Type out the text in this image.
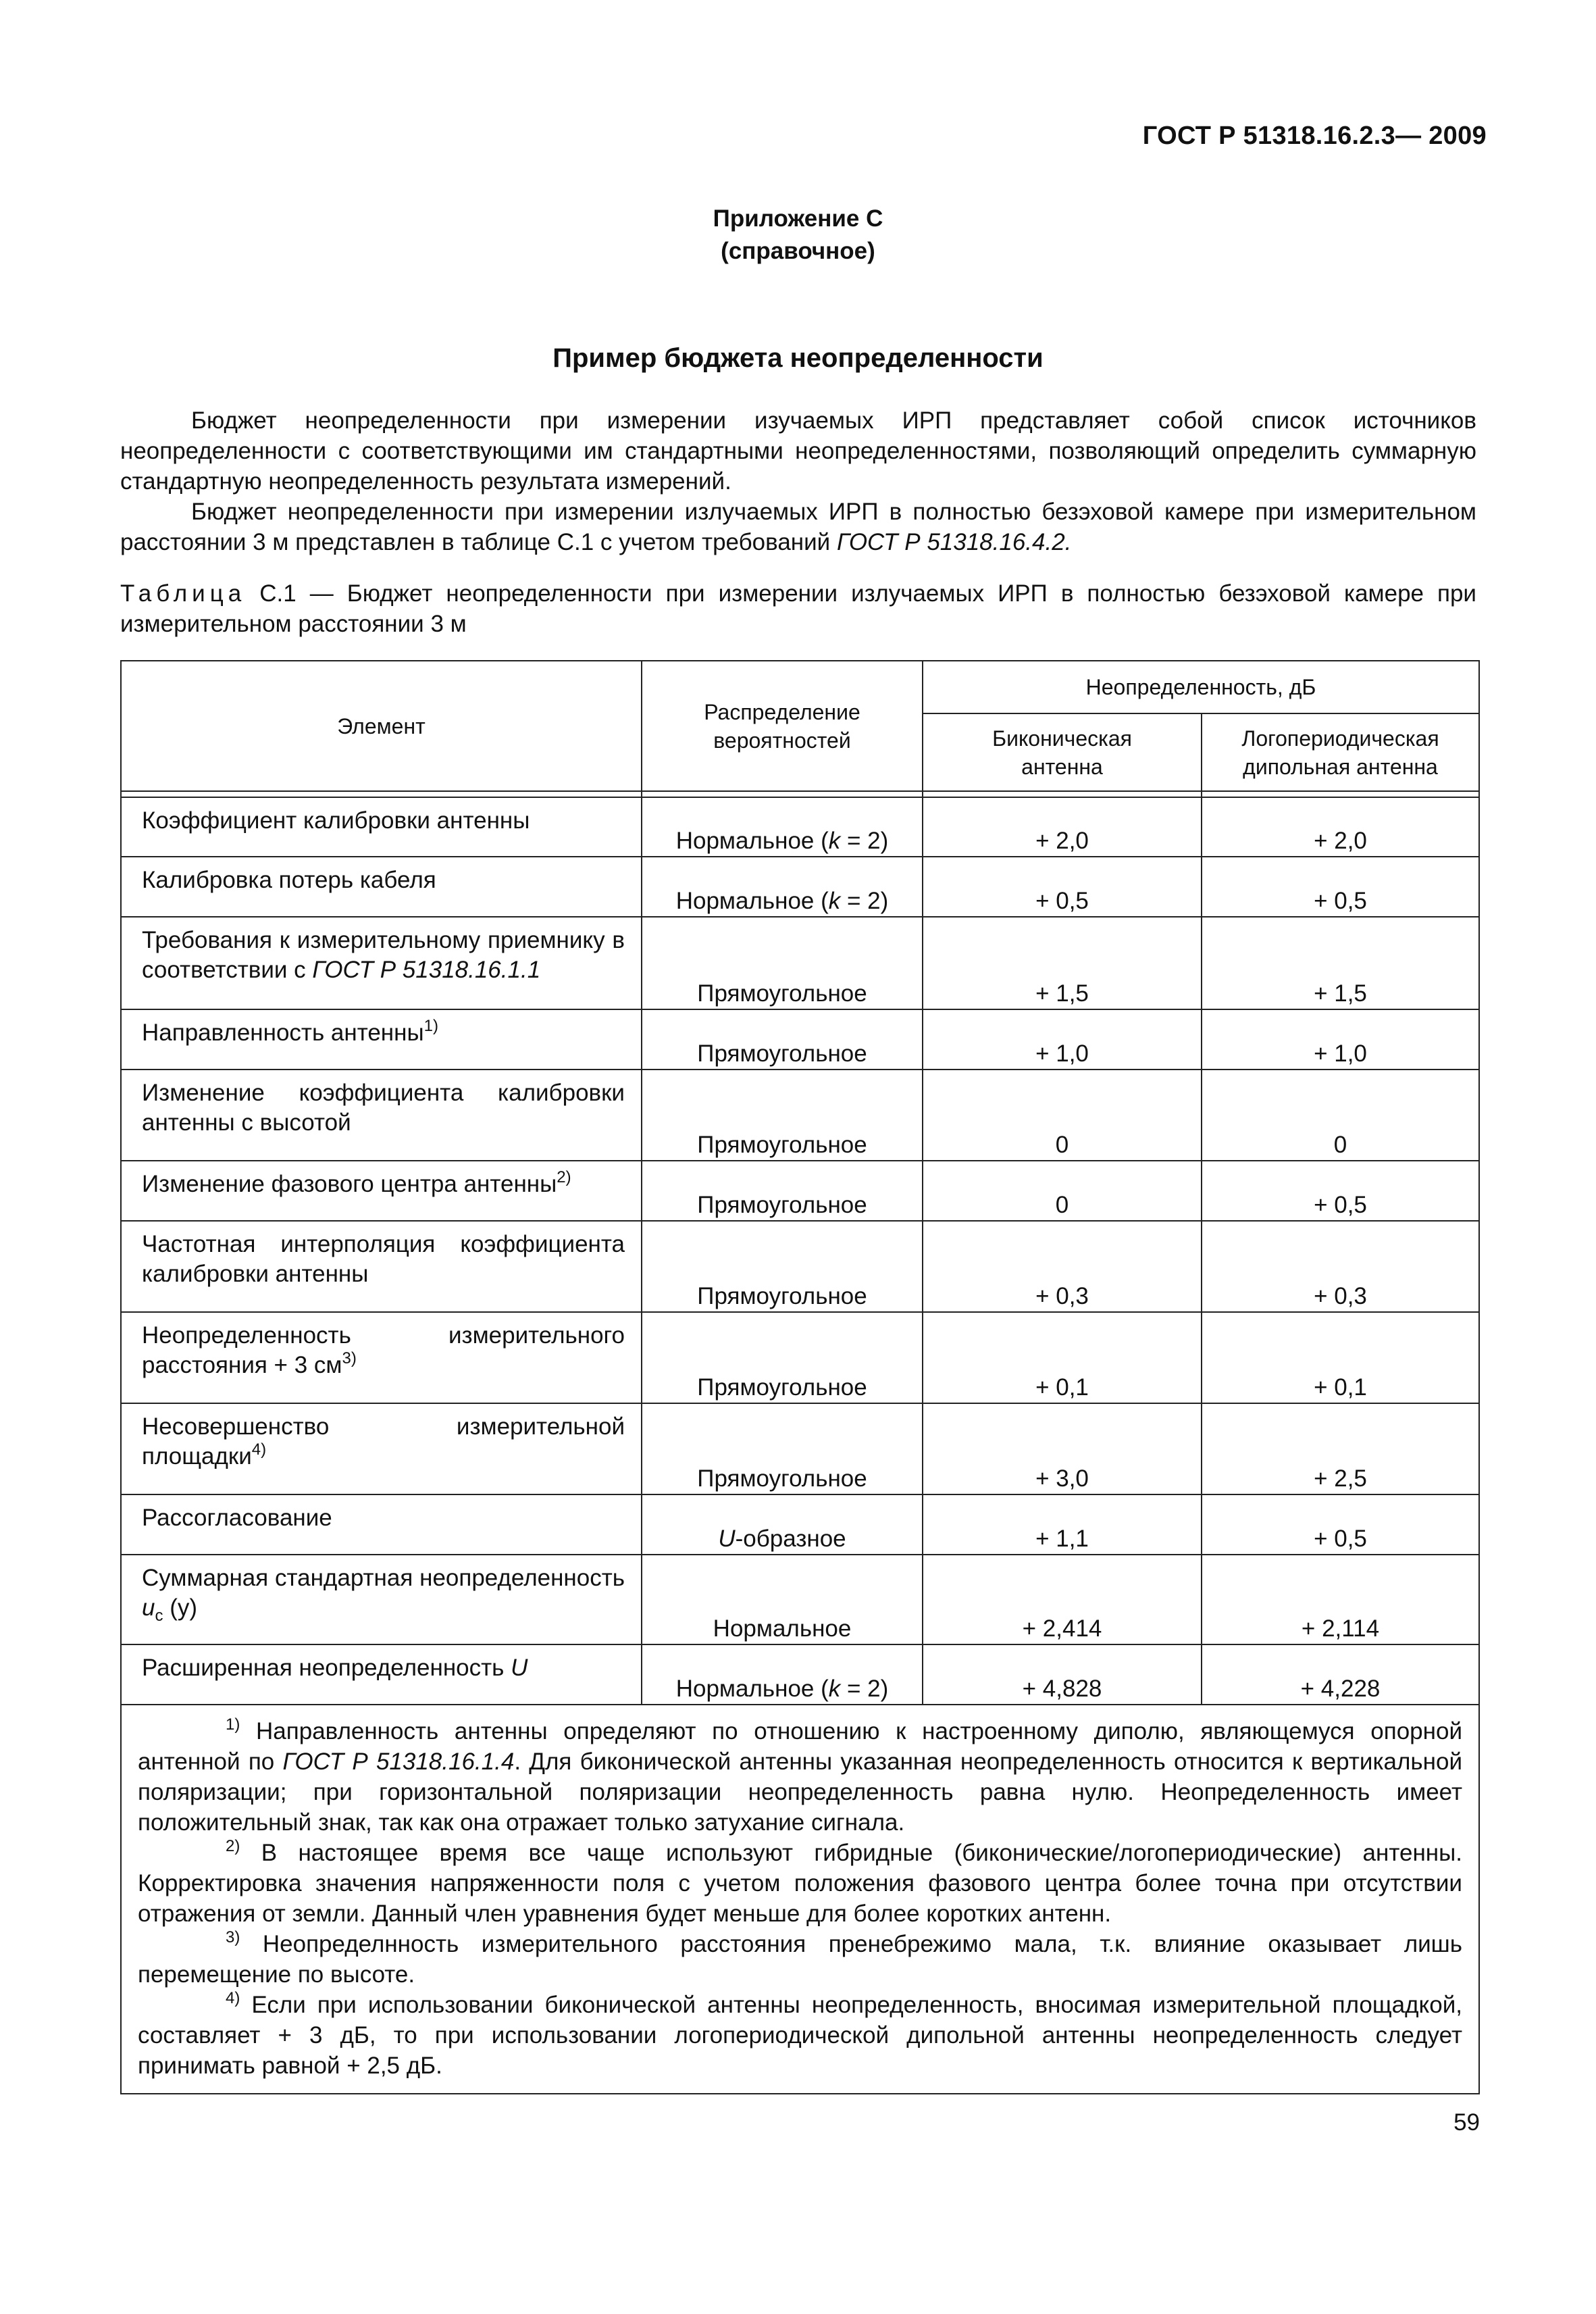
ГОСТ Р 51318.16.2.3— 2009
Приложение С
(справочное)
Пример бюджета неопределенности

Бюджет неопределенности при измерении изучаемых ИРП представляет собой список источников неопределенности с соответствующими им стандартными неопределенностями, позволяющий определить суммарную стандартную неопределенность результата измерений.

Бюджет неопределенности при измерении излучаемых ИРП в полностью безэховой камере при измерительном расстоянии 3 м представлен в таблице С.1 с учетом требований ГОСТ Р 51318.16.4.2.

Таблица С.1 — Бюджет неопределенности при измерении излучаемых ИРП в полностью безэховой камере при измерительном расстоянии 3 м

Элемент	Распределение вероятностей	Неопределенность, дБ	
		Биконическая антенна	Логопериодическая дипольная антенна

Коэффициент калибровки антенны	Нормальное (k = 2)	+ 2,0	+ 2,0
Калибровка потерь кабеля	Нормальное (k = 2)	+ 0,5	+ 0,5
Требования к измерительному приемнику в соответствии с ГОСТ Р 51318.16.1.1	Прямоугольное	+ 1,5	+ 1,5
Направленность антенны$^{1)}$	Прямоугольное	+ 1,0	+ 1,0
Изменение коэффициента калибровки антенны с высотой	Прямоугольное	0	0
Изменение фазового центра антенны$^{2)}$	Прямоугольное	0	+ 0,5
Частотная интерполяция коэффициента калибровки антенны	Прямоугольное	+ 0,3	+ 0,3
Неопределенность измерительного расстояния + 3 $см^{3)}$	Прямоугольное	+ 0,1	+ 0,1
Несовершенство измерительной площадки$^{4)}$	Прямоугольное	+ 3,0	+ 2,5
Рассогласование	U-образное	+ 1,1	+ 0,5
Суммарная стандартная неопределенность $u_c$ (y)	Нормальное	+ 2,414	+ 2,114
Расширенная неопределенность U	Нормальное (k = 2)	+ 4,828	+ 4,228

$^{1)}$ Направленность антенны определяют по отношению к настроенному диполю, являющемуся опорной антенной по ГОСТ Р 51318.16.1.4. Для биконической антенны указанная неопределенность относится к вертикальной поляризации; при горизонтальной поляризации неопределенность равна нулю. Неопределенность имеет положительный знак, так как она отражает только затухание сигнала.

$^{2)}$ В настоящее время все чаще используют гибридные (биконические/логопериодические) антенны. Корректировка значения напряженности поля с учетом положения фазового центра более точна при отсутствии отражения от земли. Данный член уравнения будет меньше для более коротких антенн.

$^{3)}$ Неопределнность измерительного расстояния пренебрежимо мала, т.к. влияние оказывает лишь перемещение по высоте.

$^{4)}$ Если при использовании биконической антенны неопределенность, вносимая измерительной площадкой, составляет + 3 дБ, то при использовании логопериодической дипольной антенны неопределенность следует принимать равной + 2,5 дБ.			

59
